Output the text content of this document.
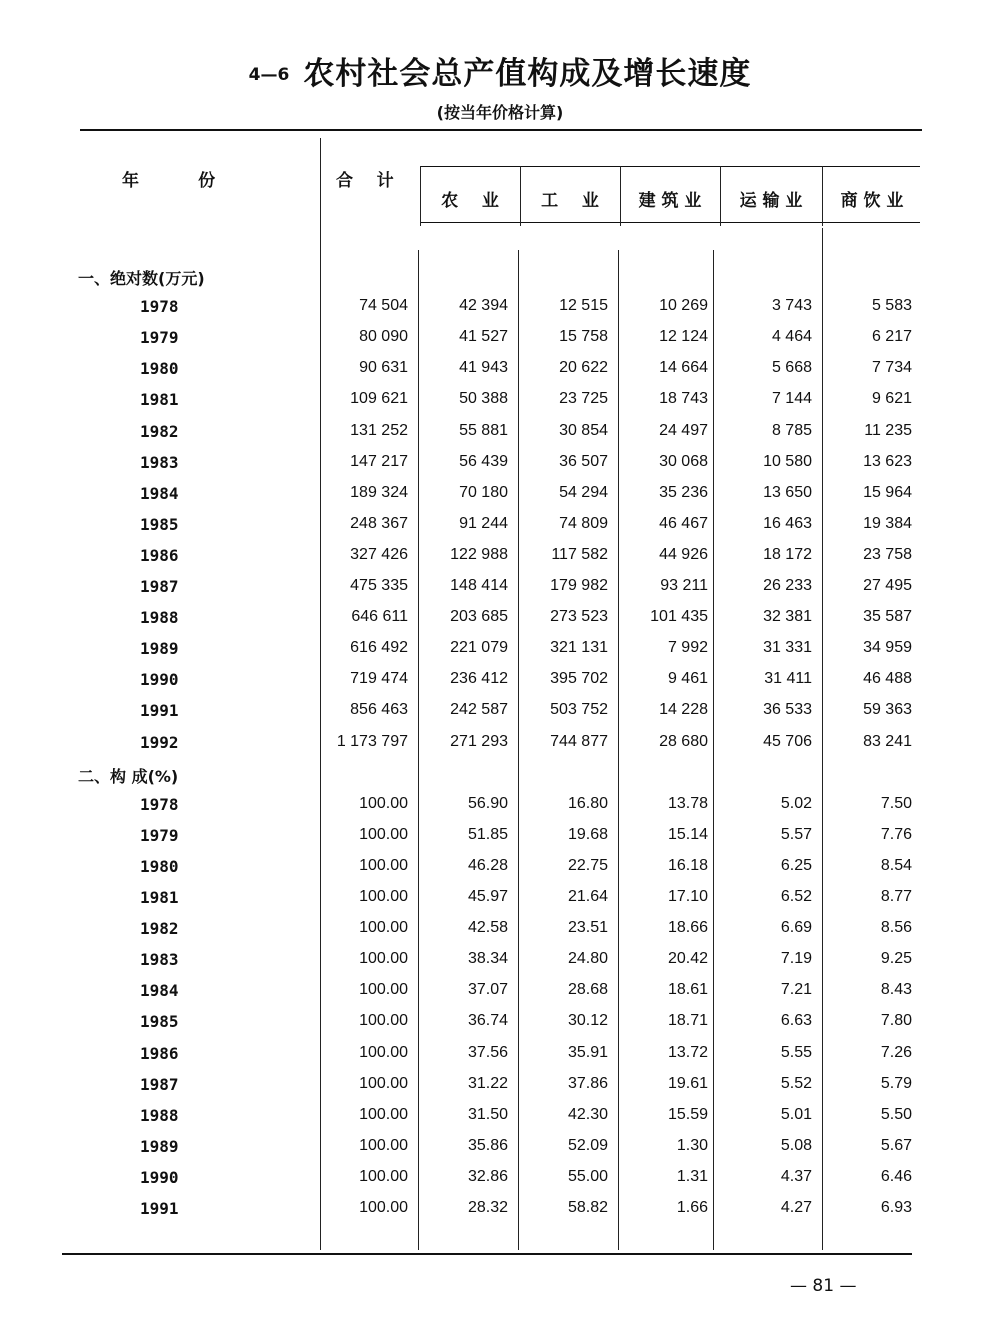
4—6 农村社会总产值构成及增长速度
(按当年价格计算)
年          份	合    计
农    业	工    业	建 筑 业	运 输 业	商 饮 业
一、绝对数(万元)
1978	74 504	42 394	12 515	10 269	3 743	5 583
1979	80 090	41 527	15 758	12 124	4 464	6 217
1980	90 631	41 943	20 622	14 664	5 668	7 734
1981	109 621	50 388	23 725	18 743	7 144	9 621
1982	131 252	55 881	30 854	24 497	8 785	11 235
1983	147 217	56 439	36 507	30 068	10 580	13 623
1984	189 324	70 180	54 294	35 236	13 650	15 964
1985	248 367	91 244	74 809	46 467	16 463	19 384
1986	327 426	122 988	117 582	44 926	18 172	23 758
1987	475 335	148 414	179 982	93 211	26 233	27 495
1988	646 611	203 685	273 523	101 435	32 381	35 587
1989	616 492	221 079	321 131	7 992	31 331	34 959
1990	719 474	236 412	395 702	9 461	31 411	46 488
1991	856 463	242 587	503 752	14 228	36 533	59 363
1992	1 173 797	271 293	744 877	28 680	45 706	83 241
二、构 成(%)
1978	100.00	56.90	16.80	13.78	5.02	7.50
1979	100.00	51.85	19.68	15.14	5.57	7.76
1980	100.00	46.28	22.75	16.18	6.25	8.54
1981	100.00	45.97	21.64	17.10	6.52	8.77
1982	100.00	42.58	23.51	18.66	6.69	8.56
1983	100.00	38.34	24.80	20.42	7.19	9.25
1984	100.00	37.07	28.68	18.61	7.21	8.43
1985	100.00	36.74	30.12	18.71	6.63	7.80
1986	100.00	37.56	35.91	13.72	5.55	7.26
1987	100.00	31.22	37.86	19.61	5.52	5.79
1988	100.00	31.50	42.30	15.59	5.01	5.50
1989	100.00	35.86	52.09	1.30	5.08	5.67
1990	100.00	32.86	55.00	1.31	4.37	6.46
1991	100.00	28.32	58.82	1.66	4.27	6.93
— 81 —
